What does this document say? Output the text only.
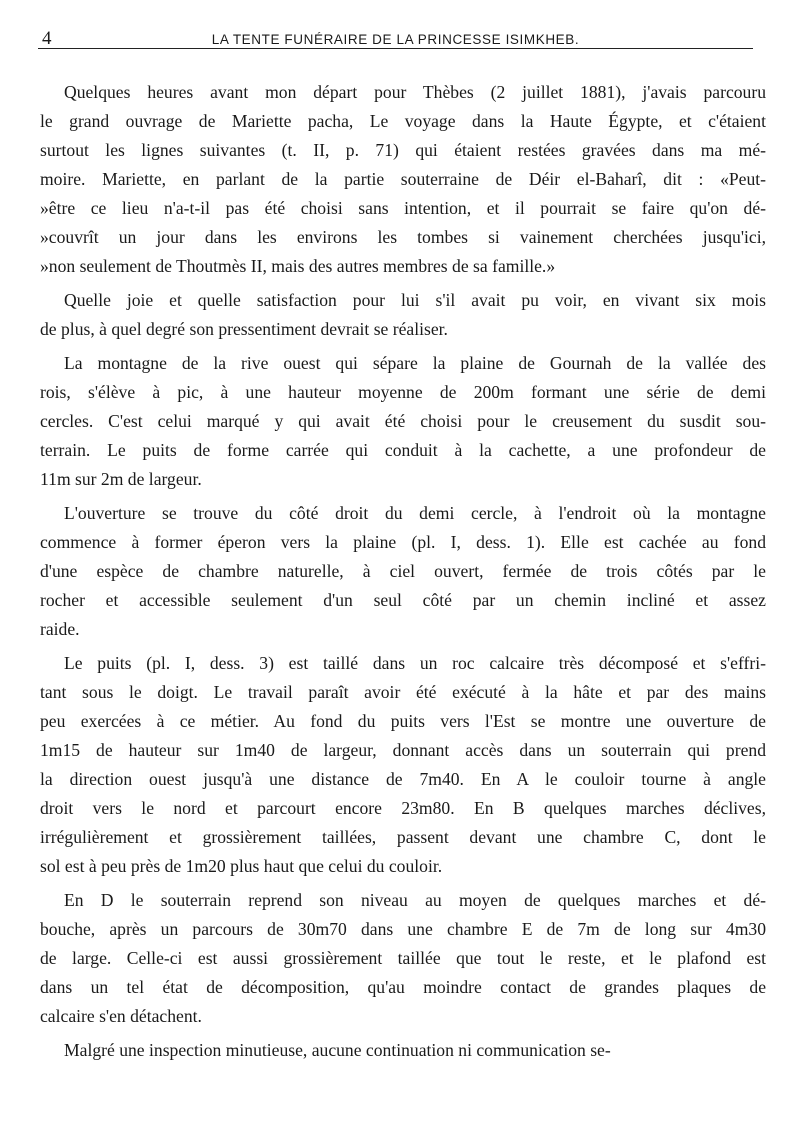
4	LA TENTE FUNÉRAIRE DE LA PRINCESSE ISIMKHEB.

Quelques heures avant mon départ pour Thèbes (2 juillet 1881), j'avais parcouru
le grand ouvrage de Mariette pacha, Le voyage dans la Haute Égypte, et c'étaient
surtout les lignes suivantes (t. II, p. 71) qui étaient restées gravées dans ma mé-
moire. Mariette, en parlant de la partie souterraine de Déir el-Baharî, dit : «Peut-
»être ce lieu n'a-t-il pas été choisi sans intention, et il pourrait se faire qu'on dé-
»couvrît un jour dans les environs les tombes si vainement cherchées jusqu'ici,
»non seulement de Thoutmès II, mais des autres membres de sa famille.»

Quelle joie et quelle satisfaction pour lui s'il avait pu voir, en vivant six mois
de plus, à quel degré son pressentiment devrait se réaliser.

La montagne de la rive ouest qui sépare la plaine de Gournah de la vallée des
rois, s'élève à pic, à une hauteur moyenne de 200m formant une série de demi
cercles. C'est celui marqué y qui avait été choisi pour le creusement du susdit sou-
terrain. Le puits de forme carrée qui conduit à la cachette, a une profondeur de
11m sur 2m de largeur.

L'ouverture se trouve du côté droit du demi cercle, à l'endroit où la montagne
commence à former éperon vers la plaine (pl. I, dess. 1). Elle est cachée au fond
d'une espèce de chambre naturelle, à ciel ouvert, fermée de trois côtés par le
rocher et accessible seulement d'un seul côté par un chemin incliné et assez
raide.

Le puits (pl. I, dess. 3) est taillé dans un roc calcaire très décomposé et s'effri-
tant sous le doigt. Le travail paraît avoir été exécuté à la hâte et par des mains
peu exercées à ce métier. Au fond du puits vers l'Est se montre une ouverture de
1m15 de hauteur sur 1m40 de largeur, donnant accès dans un souterrain qui prend
la direction ouest jusqu'à une distance de 7m40. En A le couloir tourne à angle
droit vers le nord et parcourt encore 23m80. En B quelques marches déclives,
irrégulièrement et grossièrement taillées, passent devant une chambre C, dont le
sol est à peu près de 1m20 plus haut que celui du couloir.

En D le souterrain reprend son niveau au moyen de quelques marches et dé-
bouche, après un parcours de 30m70 dans une chambre E de 7m de long sur 4m30
de large. Celle-ci est aussi grossièrement taillée que tout le reste, et le plafond est
dans un tel état de décomposition, qu'au moindre contact de grandes plaques de
calcaire s'en détachent.

Malgré une inspection minutieuse, aucune continuation ni communication se-
